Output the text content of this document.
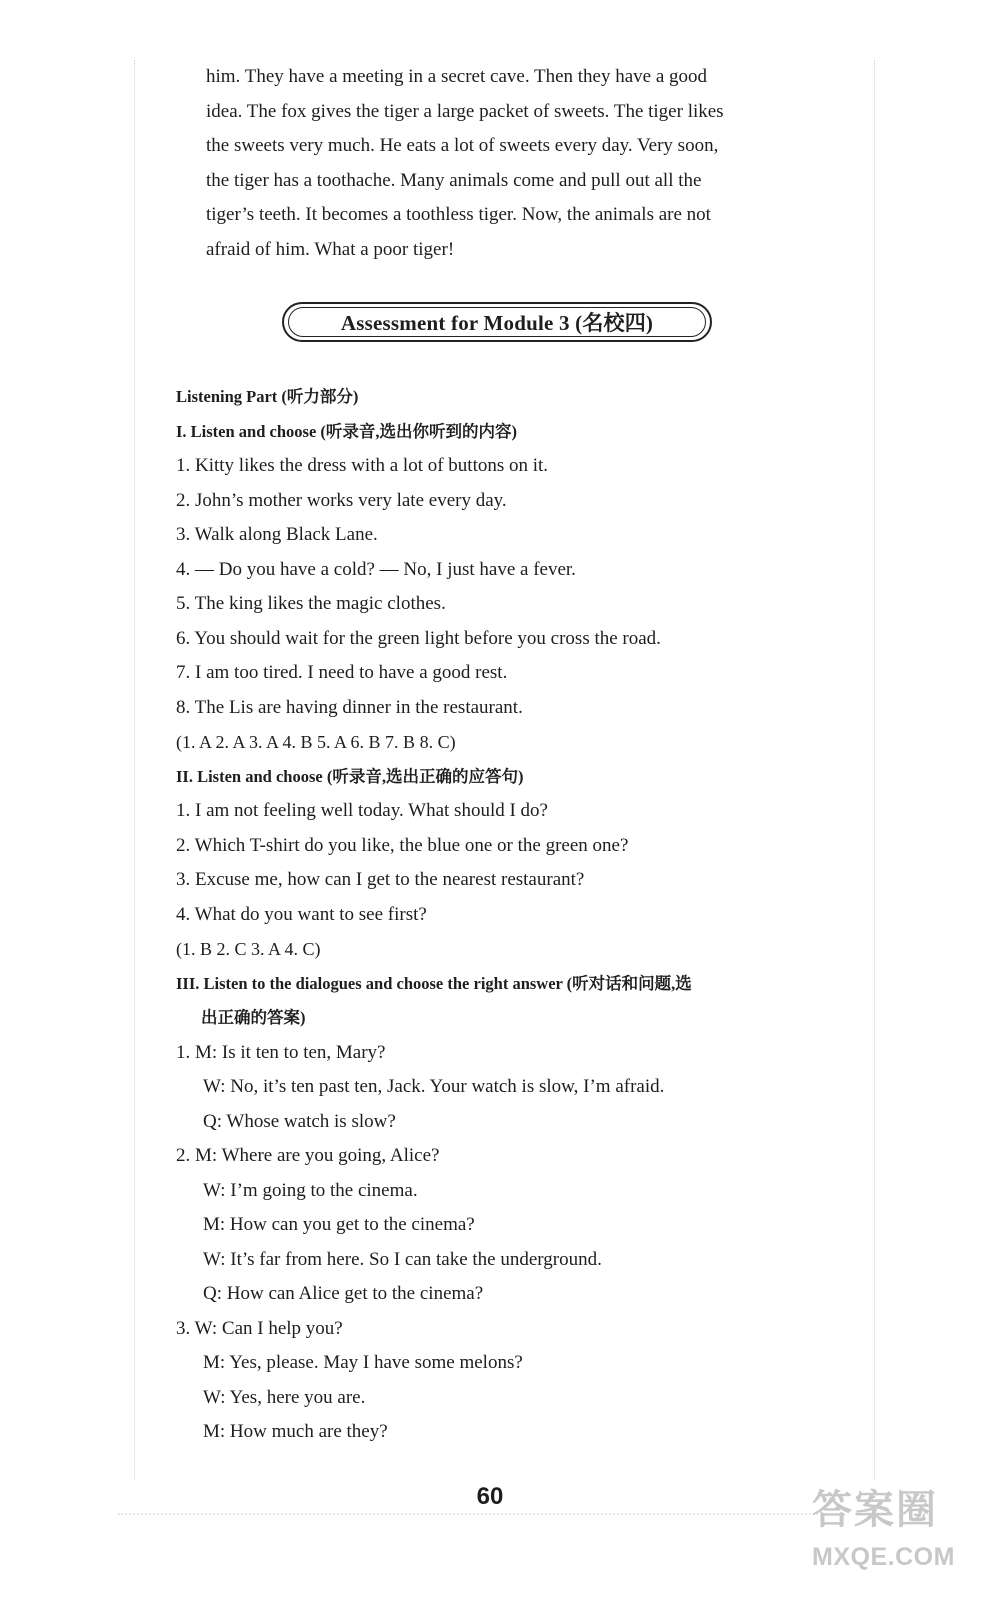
him. They have a meeting in a secret cave. Then they have a good

idea. The fox gives the tiger a large packet of sweets. The tiger likes

the sweets very much. He eats a lot of sweets every day. Very soon,

the tiger has a toothache. Many animals come and pull out all the

tiger’s teeth. It becomes a toothless tiger. Now, the animals are not

afraid of him. What a poor tiger!

Assessment for Module 3 (名校四)
Listening Part (听力部分)
I. Listen and choose (听录音,选出你听到的内容)
1. Kitty likes the dress with a lot of buttons on it.
2. John’s mother works very late every day.
3. Walk along Black Lane.
4. — Do you have a cold? — No, I just have a fever.
5. The king likes the magic clothes.
6. You should wait for the green light before you cross the road.
7. I am too tired. I need to have a good rest.
8. The Lis are having dinner in the restaurant.
(1. A 2. A 3. A 4. B 5. A 6. B 7. B 8. C)
II. Listen and choose (听录音,选出正确的应答句)
1. I am not feeling well today. What should I do?
2. Which T-shirt do you like, the blue one or the green one?
3. Excuse me, how can I get to the nearest restaurant?
4. What do you want to see first?
(1. B 2. C 3. A 4. C)
III. Listen to the dialogues and choose the right answer (听对话和问题,选
出正确的答案)
1. M: Is it ten to ten, Mary?
W: No, it’s ten past ten, Jack. Your watch is slow, I’m afraid.
Q: Whose watch is slow?
2. M: Where are you going, Alice?
W: I’m going to the cinema.
M: How can you get to the cinema?
W: It’s far from here. So I can take the underground.
Q: How can Alice get to the cinema?
3. W: Can I help you?
M: Yes, please. May I have some melons?
W: Yes, here you are.
M: How much are they?
60	答案圈
MXQE.COM
